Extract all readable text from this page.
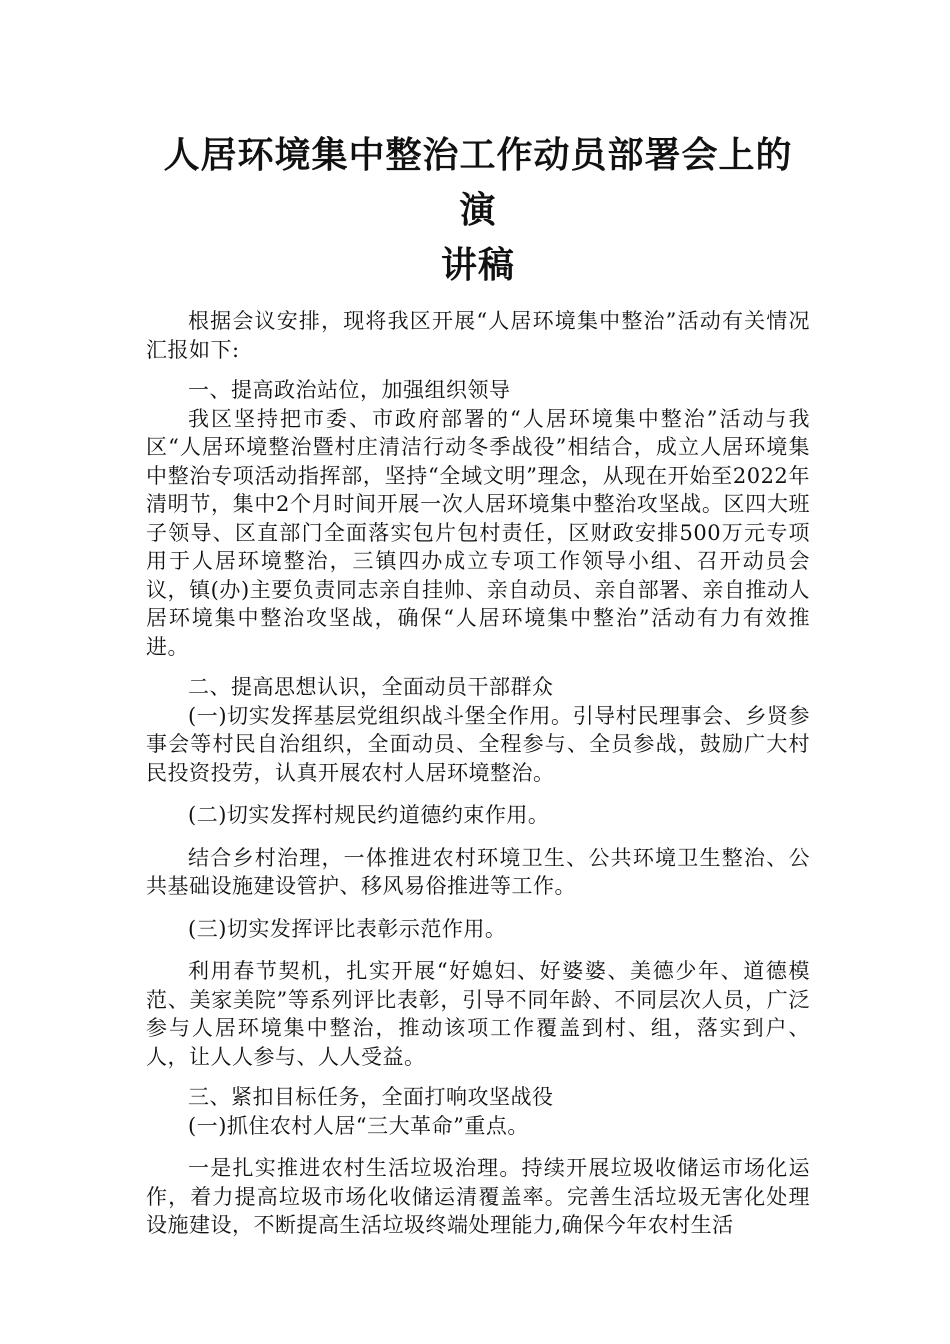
人居环境集中整治工作动员部署会上的演
讲稿

根据会议安排，现将我区开展“人居环境集中整治”活动有关情况汇报如下:

一、提高政治站位，加强组织领导

我区坚持把市委、市政府部署的“人居环境集中整治”活动与我区“人居环境整治暨村庄清洁行动冬季战役”相结合，成立人居环境集中整治专项活动指挥部，坚持“全域文明”理念，从现在开始至2022年清明节，集中2个月时间开展一次人居环境集中整治攻坚战。区四大班子领导、区直部门全面落实包片包村责任，区财政安排500万元专项用于人居环境整治，三镇四办成立专项工作领导小组、召开动员会议，镇(办)主要负责同志亲自挂帅、亲自动员、亲自部署、亲自推动人居环境集中整治攻坚战，确保“人居环境集中整治”活动有力有效推进。

二、提高思想认识，全面动员干部群众

(一)切实发挥基层党组织战斗堡全作用。引导村民理事会、乡贤参事会等村民自治组织，全面动员、全程参与、全员参战，鼓励广大村民投资投劳，认真开展农村人居环境整治。

(二)切实发挥村规民约道德约束作用。

结合乡村治理，一体推进农村环境卫生、公共环境卫生整治、公共基础设施建设管护、移风易俗推进等工作。

(三)切实发挥评比表彰示范作用。

利用春节契机，扎实开展“好媳妇、好婆婆、美德少年、道德模范、美家美院”等系列评比表彰，引导不同年龄、不同层次人员，广泛参与人居环境集中整治，推动该项工作覆盖到村、组，落实到户、人，让人人参与、人人受益。

三、紧扣目标任务，全面打响攻坚战役

(一)抓住农村人居“三大革命”重点。

一是扎实推进农村生活垃圾治理。持续开展垃圾收储运市场化运作，着力提高垃圾市场化收储运清覆盖率。完善生活垃圾无害化处理设施建设，不断提高生活垃圾终端处理能力,确保今年农村生活
